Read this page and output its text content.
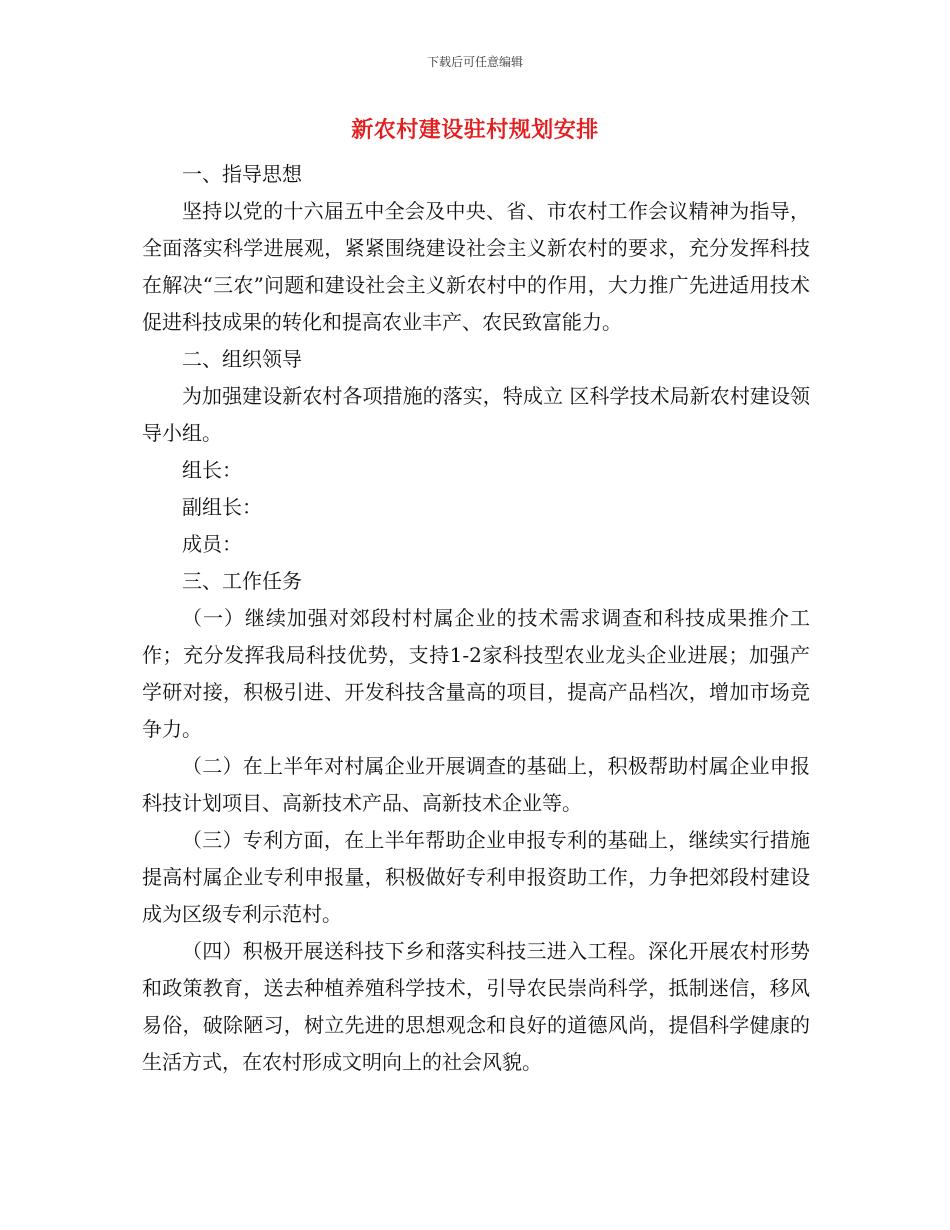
下载后可任意编辑
新农村建设驻村规划安排

一、指导思想

坚持以党的十六届五中全会及中央、省、市农村工作会议精神为指导，全面落实科学进展观，紧紧围绕建设社会主义新农村的要求，充分发挥科技在解决“三农”问题和建设社会主义新农村中的作用，大力推广先进适用技术促进科技成果的转化和提高农业丰产、农民致富能力。

二、组织领导

为加强建设新农村各项措施的落实，特成立 区科学技术局新农村建设领导小组。

组长：

副组长：

成员：

三、工作任务

（一）继续加强对郊段村村属企业的技术需求调查和科技成果推介工作；充分发挥我局科技优势，支持1-2家科技型农业龙头企业进展；加强产学研对接，积极引进、开发科技含量高的项目，提高产品档次，增加市场竞争力。

（二）在上半年对村属企业开展调查的基础上，积极帮助村属企业申报科技计划项目、高新技术产品、高新技术企业等。

（三）专利方面，在上半年帮助企业申报专利的基础上，继续实行措施提高村属企业专利申报量，积极做好专利申报资助工作，力争把郊段村建设成为区级专利示范村。

（四）积极开展送科技下乡和落实科技三进入工程。深化开展农村形势和政策教育，送去种植养殖科学技术，引导农民崇尚科学，抵制迷信，移风易俗，破除陋习，树立先进的思想观念和良好的道德风尚，提倡科学健康的生活方式，在农村形成文明向上的社会风貌。
